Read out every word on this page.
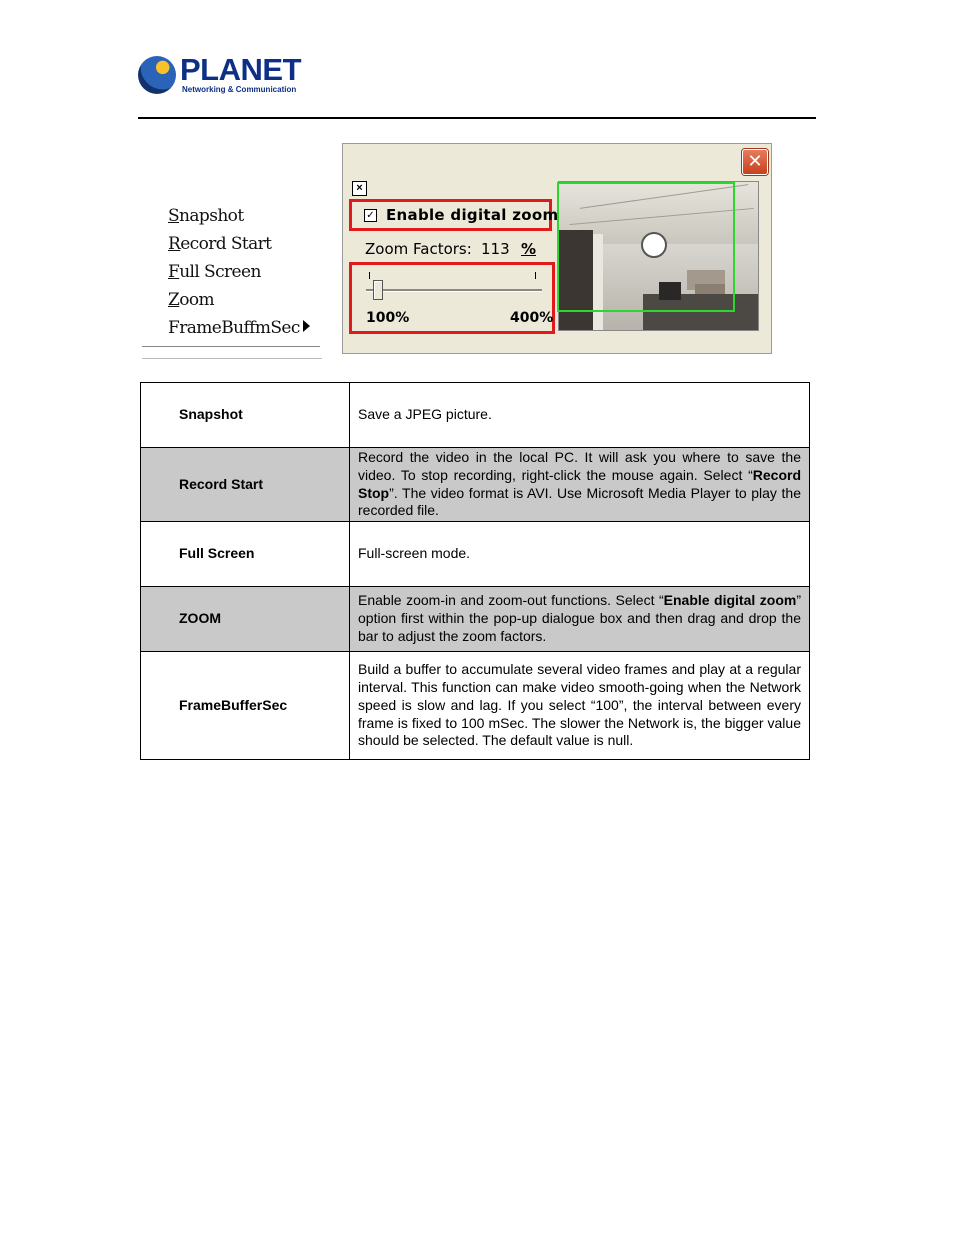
PLANET
Networking & Communication
Snapshot
Record Start
Full Screen
Zoom
FrameBuffmSec
✕
×
✓ Enable digital zoom
Zoom Factors: 113 %
100%	400%
Snapshot	Save a JPEG picture.
Record Start	Record the video in the local PC. It will ask you where to save the video. To stop recording, right-click the mouse again. Select “Record Stop”. The video format is AVI. Use Microsoft Media Player to play the recorded file.
Full Screen	Full-screen mode.
ZOOM	Enable zoom-in and zoom-out functions. Select “Enable digital zoom” option first within the pop-up dialogue box and then drag and drop the bar to adjust the zoom factors.
FrameBufferSec	Build a buffer to accumulate several video frames and play at a regular interval. This function can make video smooth-going when the Network speed is slow and lag. If you select “100”, the interval between every frame is fixed to 100 mSec. The slower the Network is, the bigger value should be selected. The default value is null.
